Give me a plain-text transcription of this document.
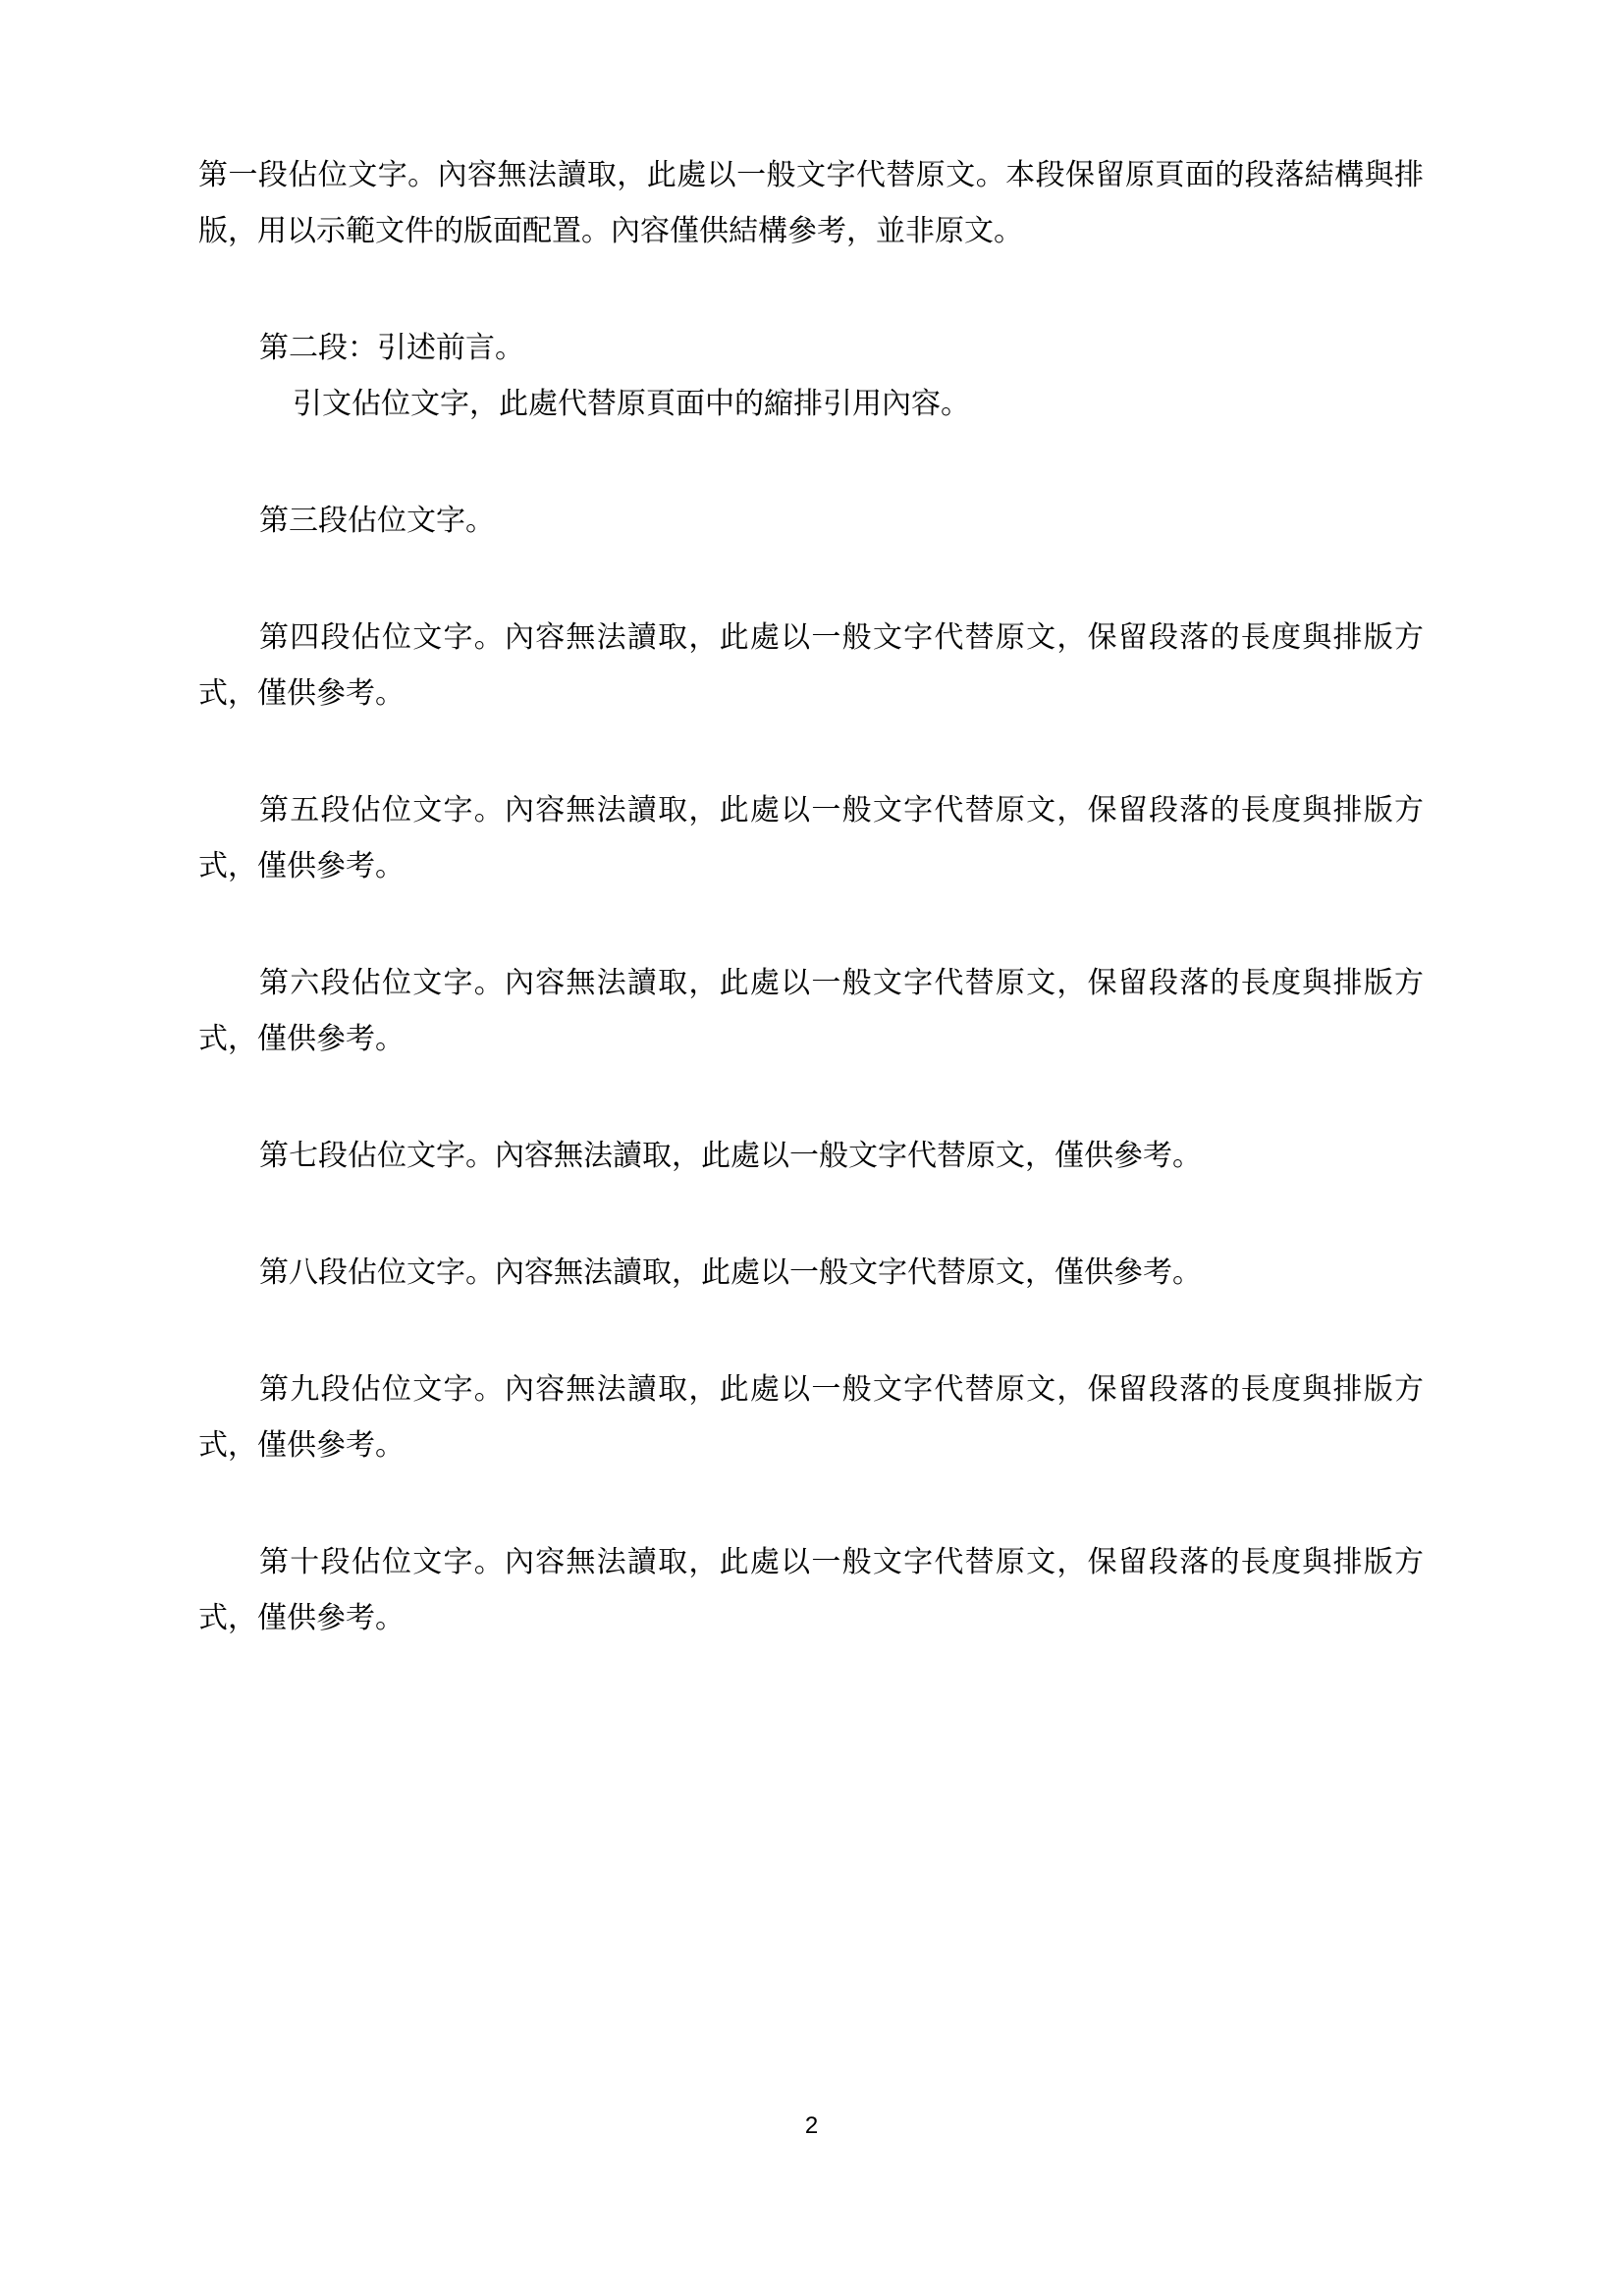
第一段佔位文字。內容無法讀取，此處以一般文字代替原文。本段保留原頁面的段落結構與排版，用以示範文件的版面配置。內容僅供結構參考，並非原文。

第二段：引述前言。

引文佔位文字，此處代替原頁面中的縮排引用內容。

第三段佔位文字。

第四段佔位文字。內容無法讀取，此處以一般文字代替原文，保留段落的長度與排版方式，僅供參考。

第五段佔位文字。內容無法讀取，此處以一般文字代替原文，保留段落的長度與排版方式，僅供參考。

第六段佔位文字。內容無法讀取，此處以一般文字代替原文，保留段落的長度與排版方式，僅供參考。

第七段佔位文字。內容無法讀取，此處以一般文字代替原文，僅供參考。

第八段佔位文字。內容無法讀取，此處以一般文字代替原文，僅供參考。

第九段佔位文字。內容無法讀取，此處以一般文字代替原文，保留段落的長度與排版方式，僅供參考。

第十段佔位文字。內容無法讀取，此處以一般文字代替原文，保留段落的長度與排版方式，僅供參考。

2
